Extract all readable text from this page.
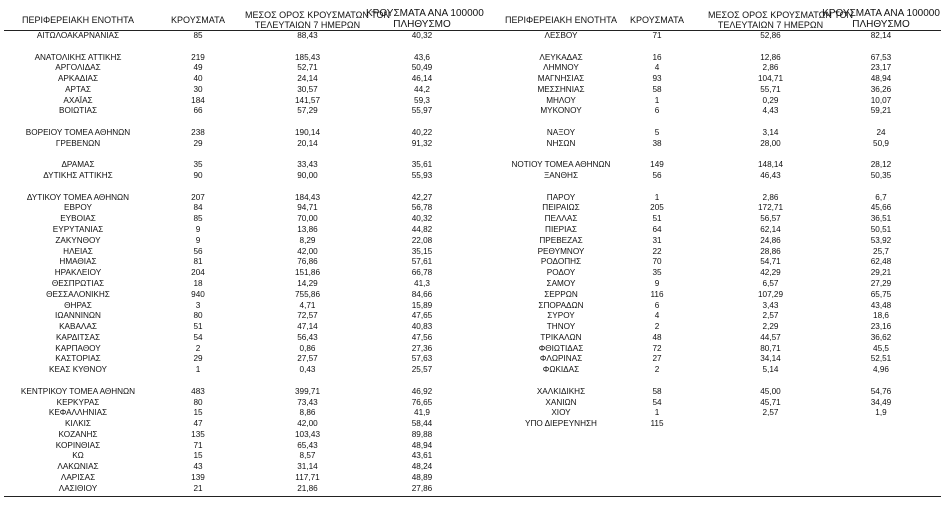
ΠΕΡΙΦΕΡΕΙΑΚΗ ΕΝΟΤΗΤΑ	ΚΡΟΥΣΜΑΤΑ	ΜΕΣΟΣ ΟΡΟΣ ΚΡΟΥΣΜΑΤΩΝ ΤΟΝ
ΤΕΛΕΥΤΑΙΩΝ 7 ΗΜΕΡΩΝ
ΚΡΟΥΣΜΑΤΑ ΑΝΑ 100000
ΠΛΗΘΥΣΜΟ	ΠΕΡΙΦΕΡΕΙΑΚΗ ΕΝΟΤΗΤΑ	ΚΡΟΥΣΜΑΤΑ	ΜΕΣΟΣ ΟΡΟΣ ΚΡΟΥΣΜΑΤΩΝ ΤΟΝ
ΤΕΛΕΥΤΑΙΩΝ 7 ΗΜΕΡΩΝ
ΚΡΟΥΣΜΑΤΑ ΑΝΑ 100000
ΠΛΗΘΥΣΜΟ
ΑΙΤΩΛΟΑΚΑΡΝΑΝΙΑΣ	85	88,43	40,32
ΑΝΑΤΟΛΙΚΗΣ ΑΤΤΙΚΗΣ	219	185,43	43,6
ΑΡΓΟΛΙΔΑΣ	49	52,71	50,49
ΑΡΚΑΔΙΑΣ	40	24,14	46,14
ΑΡΤΑΣ	30	30,57	44,2
ΑΧΑΪΑΣ	184	141,57	59,3
ΒΟΙΩΤΙΑΣ	66	57,29	55,97
ΒΟΡΕΙΟΥ ΤΟΜΕΑ ΑΘΗΝΩΝ	238	190,14	40,22
ΓΡΕΒΕΝΩΝ	29	20,14	91,32
ΔΡΑΜΑΣ	35	33,43	35,61
ΔΥΤΙΚΗΣ ΑΤΤΙΚΗΣ	90	90,00	55,93
ΔΥΤΙΚΟΥ ΤΟΜΕΑ ΑΘΗΝΩΝ	207	184,43	42,27
ΕΒΡΟΥ	84	94,71	56,78
ΕΥΒΟΙΑΣ	85	70,00	40,32
ΕΥΡΥΤΑΝΙΑΣ	9	13,86	44,82
ΖΑΚΥΝΘΟΥ	9	8,29	22,08
ΗΛΕΙΑΣ	56	42,00	35,15
ΗΜΑΘΙΑΣ	81	76,86	57,61
ΗΡΑΚΛΕΙΟΥ	204	151,86	66,78
ΘΕΣΠΡΩΤΙΑΣ	18	14,29	41,3
ΘΕΣΣΑΛΟΝΙΚΗΣ	940	755,86	84,66
ΘΗΡΑΣ	3	4,71	15,89
ΙΩΑΝΝΙΝΩΝ	80	72,57	47,65
ΚΑΒΑΛΑΣ	51	47,14	40,83
ΚΑΡΔΙΤΣΑΣ	54	56,43	47,56
ΚΑΡΠΑΘΟΥ	2	0,86	27,36
ΚΑΣΤΟΡΙΑΣ	29	27,57	57,63
ΚΕΑΣ ΚΥΘΝΟΥ	1	0,43	25,57
ΚΕΝΤΡΙΚΟΥ ΤΟΜΕΑ ΑΘΗΝΩΝ	483	399,71	46,92
ΚΕΡΚΥΡΑΣ	80	73,43	76,65
ΚΕΦΑΛΛΗΝΙΑΣ	15	8,86	41,9
ΚΙΛΚΙΣ	47	42,00	58,44
ΚΟΖΑΝΗΣ	135	103,43	89,88
ΚΟΡΙΝΘΙΑΣ	71	65,43	48,94
ΚΩ	15	8,57	43,61
ΛΑΚΩΝΙΑΣ	43	31,14	48,24
ΛΑΡΙΣΑΣ	139	117,71	48,89
ΛΑΣΙΘΙΟΥ	21	21,86	27,86
ΛΕΣΒΟΥ	71	52,86	82,14
ΛΕΥΚΑΔΑΣ	16	12,86	67,53
ΛΗΜΝΟΥ	4	2,86	23,17
ΜΑΓΝΗΣΙΑΣ	93	104,71	48,94
ΜΕΣΣΗΝΙΑΣ	58	55,71	36,26
ΜΗΛΟΥ	1	0,29	10,07
ΜΥΚΟΝΟΥ	6	4,43	59,21
ΝΑΞΟΥ	5	3,14	24
ΝΗΣΩΝ	38	28,00	50,9
ΝΟΤΙΟΥ ΤΟΜΕΑ ΑΘΗΝΩΝ	149	148,14	28,12
ΞΑΝΘΗΣ	56	46,43	50,35
ΠΑΡΟΥ	1	2,86	6,7
ΠΕΙΡΑΙΩΣ	205	172,71	45,66
ΠΕΛΛΑΣ	51	56,57	36,51
ΠΙΕΡΙΑΣ	64	62,14	50,51
ΠΡΕΒΕΖΑΣ	31	24,86	53,92
ΡΕΘΥΜΝΟΥ	22	28,86	25,7
ΡΟΔΟΠΗΣ	70	54,71	62,48
ΡΟΔΟΥ	35	42,29	29,21
ΣΑΜΟΥ	9	6,57	27,29
ΣΕΡΡΩΝ	116	107,29	65,75
ΣΠΟΡΑΔΩΝ	6	3,43	43,48
ΣΥΡΟΥ	4	2,57	18,6
ΤΗΝΟΥ	2	2,29	23,16
ΤΡΙΚΑΛΩΝ	48	44,57	36,62
ΦΘΙΩΤΙΔΑΣ	72	80,71	45,5
ΦΛΩΡΙΝΑΣ	27	34,14	52,51
ΦΩΚΙΔΑΣ	2	5,14	4,96
ΧΑΛΚΙΔΙΚΗΣ	58	45,00	54,76
ΧΑΝΙΩΝ	54	45,71	34,49
ΧΙΟΥ	1	2,57	1,9
ΥΠΟ ΔΙΕΡΕΥΝΗΣΗ	115
